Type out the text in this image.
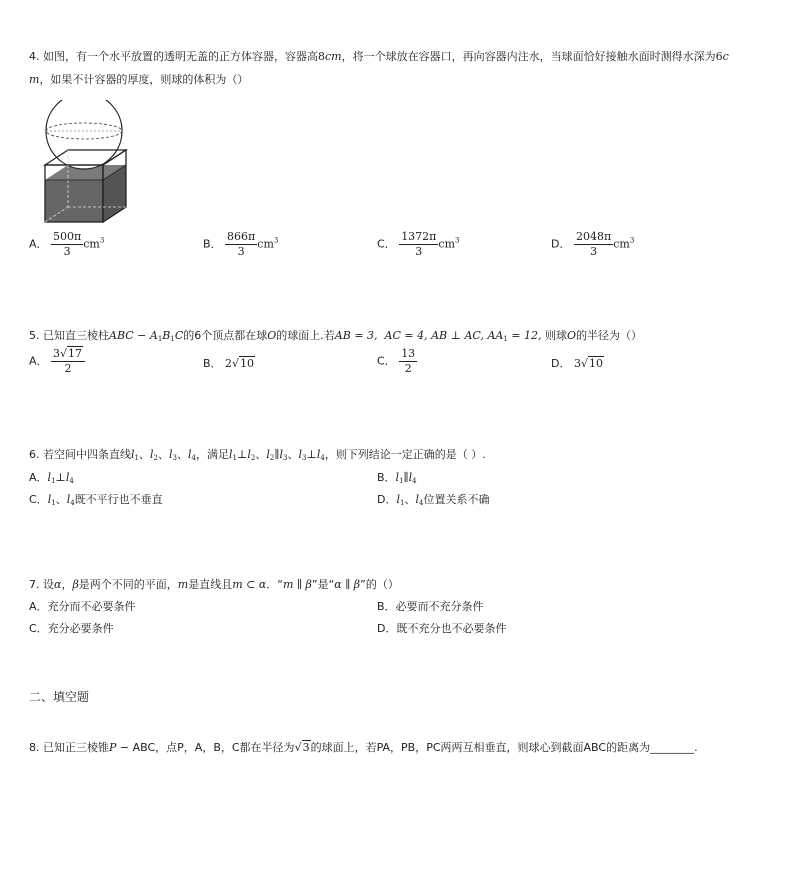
4. 如图，有一个水平放置的透明无盖的正方体容器，容器高8cm，将一个球放在容器口，再向容器内注水，当球面恰好接触水面时测得水深为6c
m，如果不计容器的厚度，则球的体积为（）
A． $\frac{500\pi}{3} cm^3$	B． $\frac{866\pi}{3} cm^3$	C． $\frac{1372\pi}{3} cm^3$	D． $\frac{2048\pi}{3} cm^3$
5. 已知直三棱柱ABC − $A_1B_1C$的6个顶点都在球O的球面上.若AB = 3, AC = 4, AB ⊥ AC, $AA_1 = 12$, 则球O的半径为（）
A． $\frac{3√17}{2}$	B． 2√10	C． $\frac{13}{2}$	D． 3√10
6. 若空间中四条直线$l_1$、$l_2$、$l_3$、$l_4$，满足$l_1\perp l_2$、$l_2\parallel l_3$、$l_3\perp l_4$，则下列结论一定正确的是（ ）.
A．$l_1\perp l_4$	B．$l_1\parallel l_4$
C．$l_1$、$l_4$既不平行也不垂直	D．$l_1$、$l_4$位置关系不确
7. 设α，β是两个不同的平面，m是直线且m ⊂ α．“m ∥ β”是“α ∥ β”的（）
A．充分而不必要条件	B．必要而不充分条件
C．充分必要条件	D．既不充分也不必要条件
二、填空题
8. 已知正三棱锥P − ABC，点P，A，B，C都在半径为√3的球面上，若PA，PB，PC两两互相垂直，则球心到截面ABC的距离为________.
